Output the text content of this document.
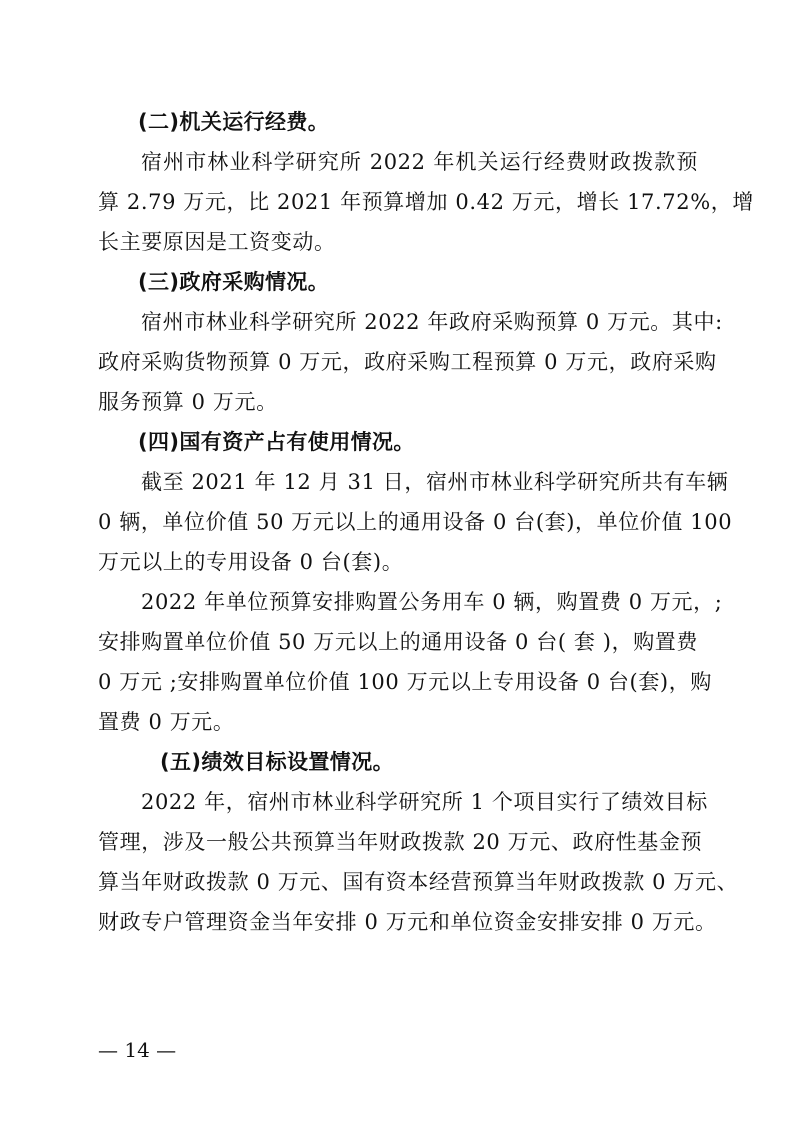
(二)机关运行经费。
宿州市林业科学研究所 2022 年机关运行经费财政拨款预
算 2.79 万元，比 2021 年预算增加 0.42 万元，增长 17.72%，增
长主要原因是工资变动。
(三)政府采购情况。
宿州市林业科学研究所 2022 年政府采购预算 0 万元。其中:
政府采购货物预算 0 万元，政府采购工程预算 0 万元，政府采购
服务预算 0 万元。
(四)国有资产占有使用情况。
截至 2021 年 12 月 31 日，宿州市林业科学研究所共有车辆
0 辆，单位价值 50 万元以上的通用设备 0 台(套)，单位价值 100
万元以上的专用设备 0 台(套)。
2022 年单位预算安排购置公务用车 0 辆，购置费 0 万元，;
安排购置单位价值 50 万元以上的通用设备 0 台( 套 )，购置费
0 万元 ;安排购置单位价值 100 万元以上专用设备 0 台(套)，购
置费 0 万元。
(五)绩效目标设置情况。
2022 年，宿州市林业科学研究所 1 个项目实行了绩效目标
管理，涉及一般公共预算当年财政拨款 20 万元、政府性基金预
算当年财政拨款 0 万元、国有资本经营预算当年财政拨款 0 万元、
财政专户管理资金当年安排 0 万元和单位资金安排安排 0 万元。
— 14 —
